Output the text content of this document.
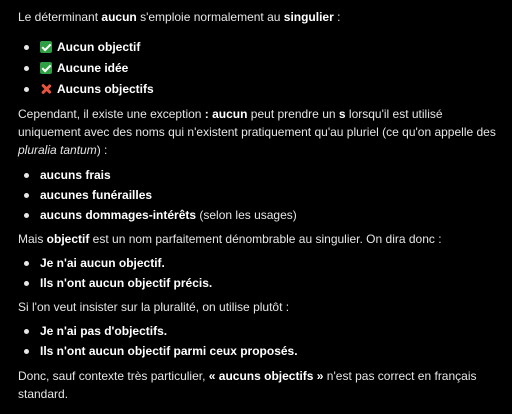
Le déterminant aucun s'emploie normalement au singulier :

Aucun objectif
Aucune idée
Aucuns objectifs

Cependant, il existe une exception : aucun peut prendre un s lorsqu'il est utilisé uniquement avec des noms qui n'existent pratiquement qu'au pluriel (ce qu'on appelle des pluralia tantum) :

aucuns frais
aucunes funérailles
aucuns dommages-intérêts (selon les usages)

Mais objectif est un nom parfaitement dénombrable au singulier. On dira donc :

Je n'ai aucun objectif.
Ils n'ont aucun objectif précis.

Si l'on veut insister sur la pluralité, on utilise plutôt :

Je n'ai pas d'objectifs.
Ils n'ont aucun objectif parmi ceux proposés.

Donc, sauf contexte très particulier, « aucuns objectifs » n'est pas correct en français standard.
